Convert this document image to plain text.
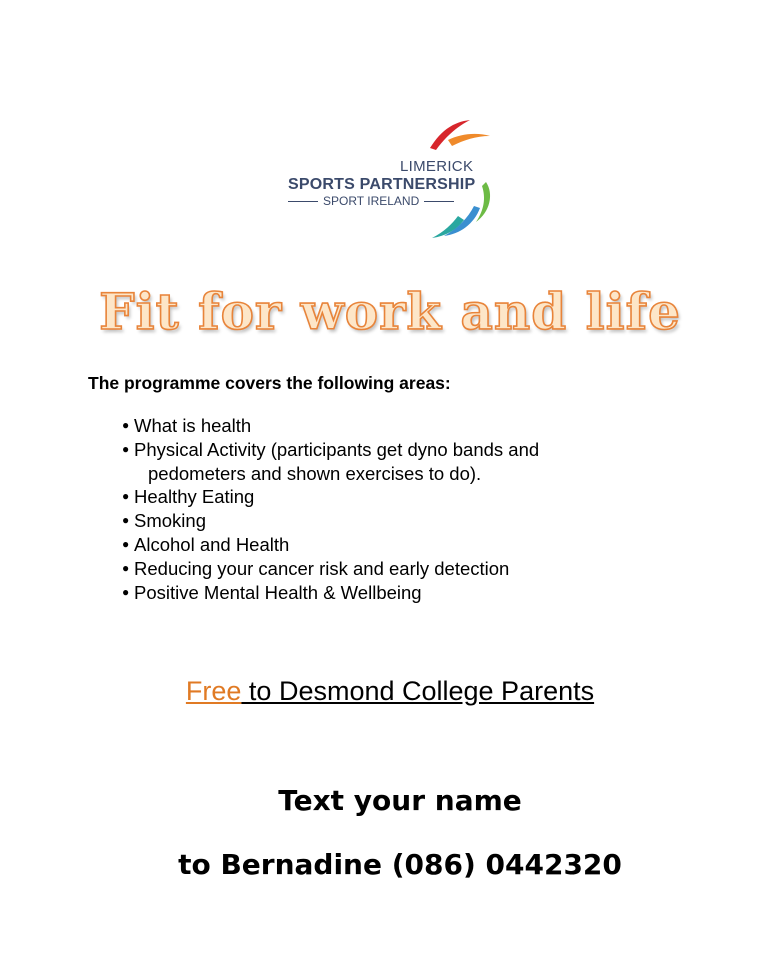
LIMERICK
SPORTS PARTNERSHIP
SPORT IRELAND
Fit for work and life
The programme covers the following areas:
● What is health
● Physical Activity (participants get dyno bands and
pedometers and shown exercises to do).
● Healthy Eating
● Smoking
● Alcohol and Health
● Reducing your cancer risk and early detection
● Positive Mental Health & Wellbeing
Free to Desmond College Parents
Text your name
to Bernadine (086) 0442320
